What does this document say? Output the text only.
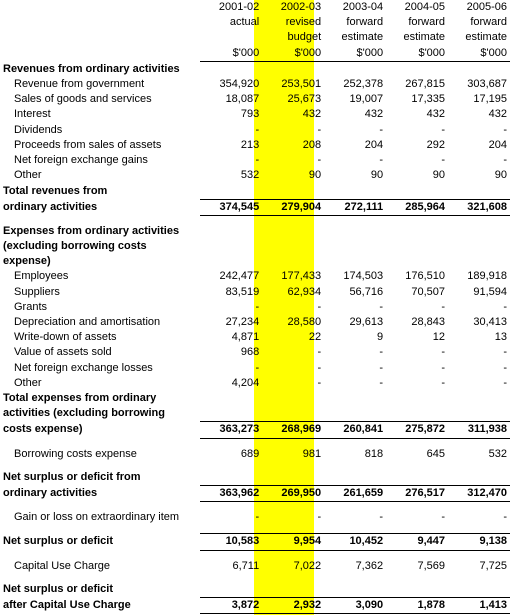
	2001-02	2002-03	2003-04	2004-05	2005-06
	actual	revised	forward	forward	forward
		budget	estimate	estimate	estimate
	$'000	$'000	$'000	$'000	$'000
Revenues from ordinary activities					
Revenue from government	354,920	253,501	252,378	267,815	303,687
Sales of goods and services	18,087	25,673	19,007	17,335	17,195
Interest	793	432	432	432	432
Dividends	-	-	-	-	-
Proceeds from sales of assets	213	208	204	292	204
Net foreign exchange gains	-	-	-	-	-
Other	532	90	90	90	90
Total revenues from					
ordinary activities	374,545	279,904	272,111	285,964	321,608

Expenses from ordinary activities					
(excluding borrowing costs					
expense)					
Employees	242,477	177,433	174,503	176,510	189,918
Suppliers	83,519	62,934	56,716	70,507	91,594
Grants	-	-	-	-	-
Depreciation and amortisation	27,234	28,580	29,613	28,843	30,413
Write-down of assets	4,871	22	9	12	13
Value of assets sold	968	-	-	-	-
Net foreign exchange losses	-	-	-	-	-
Other	4,204	-	-	-	-
Total expenses from ordinary					
activities (excluding borrowing					
costs expense)	363,273	268,969	260,841	275,872	311,938

Borrowing costs expense	689	981	818	645	532

Net surplus or deficit from					
ordinary activities	363,962	269,950	261,659	276,517	312,470

Gain or loss on extraordinary item	-	-	-	-	-

Net surplus or deficit	10,583	9,954	10,452	9,447	9,138

Capital Use Charge	6,711	7,022	7,362	7,569	7,725

Net surplus or deficit					
after Capital Use Charge	3,872	2,932	3,090	1,878	1,413
